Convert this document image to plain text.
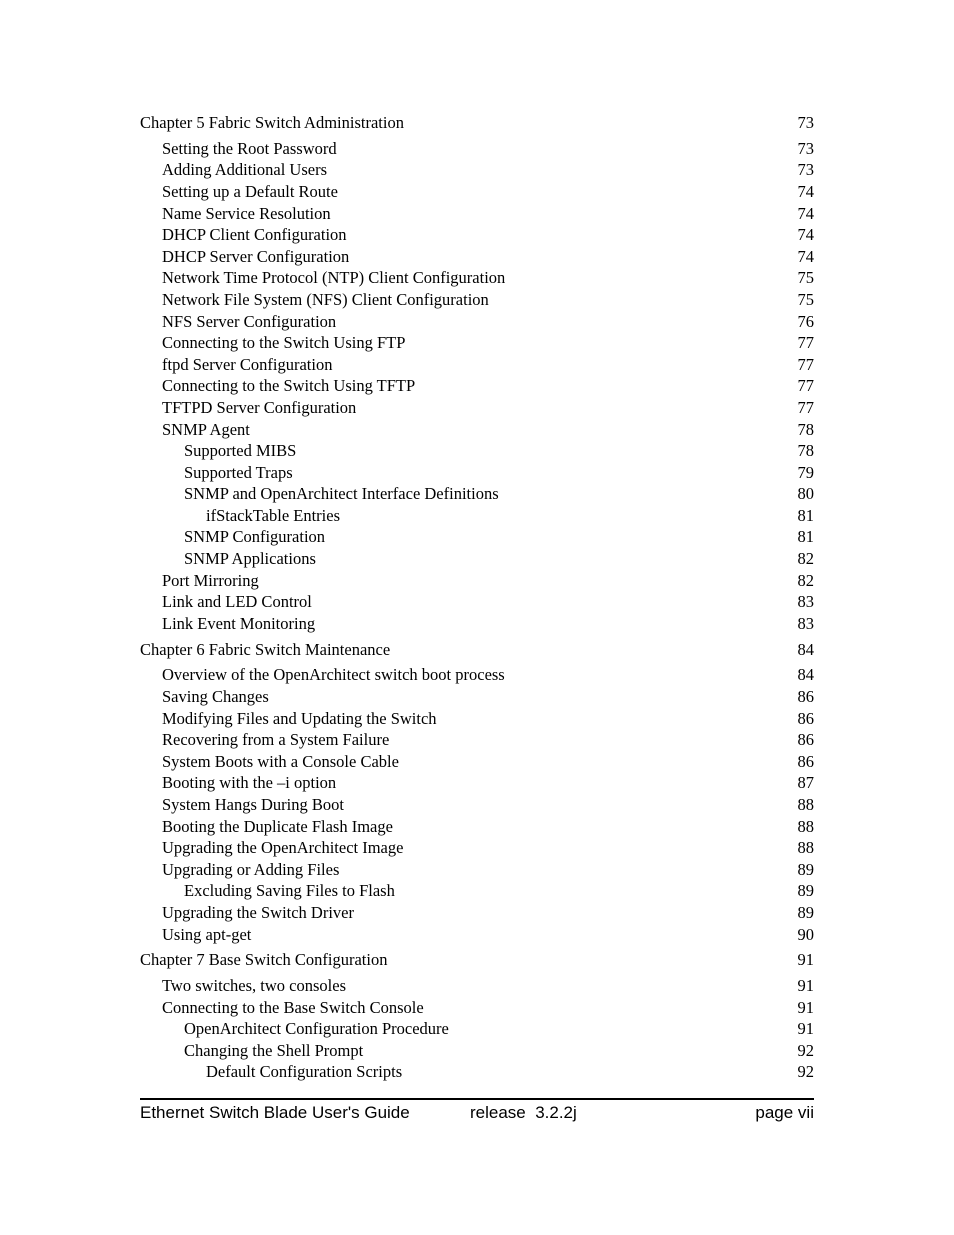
Chapter 5 Fabric Switch Administration	73
Setting the Root Password	73
Adding Additional Users	73
Setting up a Default Route	74
Name Service Resolution	74
DHCP Client Configuration	74
DHCP Server Configuration	74
Network Time Protocol (NTP) Client Configuration	75
Network File System (NFS) Client Configuration	75
NFS Server Configuration	76
Connecting to the Switch Using FTP	77
ftpd Server Configuration	77
Connecting to the Switch Using TFTP	77
TFTPD Server Configuration	77
SNMP Agent	78
Supported MIBS	78
Supported Traps	79
SNMP and OpenArchitect Interface Definitions	80
ifStackTable Entries	81
SNMP Configuration	81
SNMP Applications	82
Port Mirroring	82
Link and LED Control	83
Link Event Monitoring	83
Chapter 6 Fabric Switch Maintenance	84
Overview of the OpenArchitect switch boot process	84
Saving Changes	86
Modifying Files and Updating the Switch	86
Recovering from a System Failure	86
System Boots with a Console Cable	86
Booting with the –i option	87
System Hangs During Boot	88
Booting the Duplicate Flash Image	88
Upgrading the OpenArchitect Image	88
Upgrading or Adding Files	89
Excluding Saving Files to Flash	89
Upgrading the Switch Driver	89
Using apt-get	90
Chapter 7 Base Switch Configuration	91
Two switches, two consoles	91
Connecting to the Base Switch Console	91
OpenArchitect Configuration Procedure	91
Changing the Shell Prompt	92
Default Configuration Scripts	92
Ethernet Switch Blade User's Guide	release  3.2.2j	page vii
